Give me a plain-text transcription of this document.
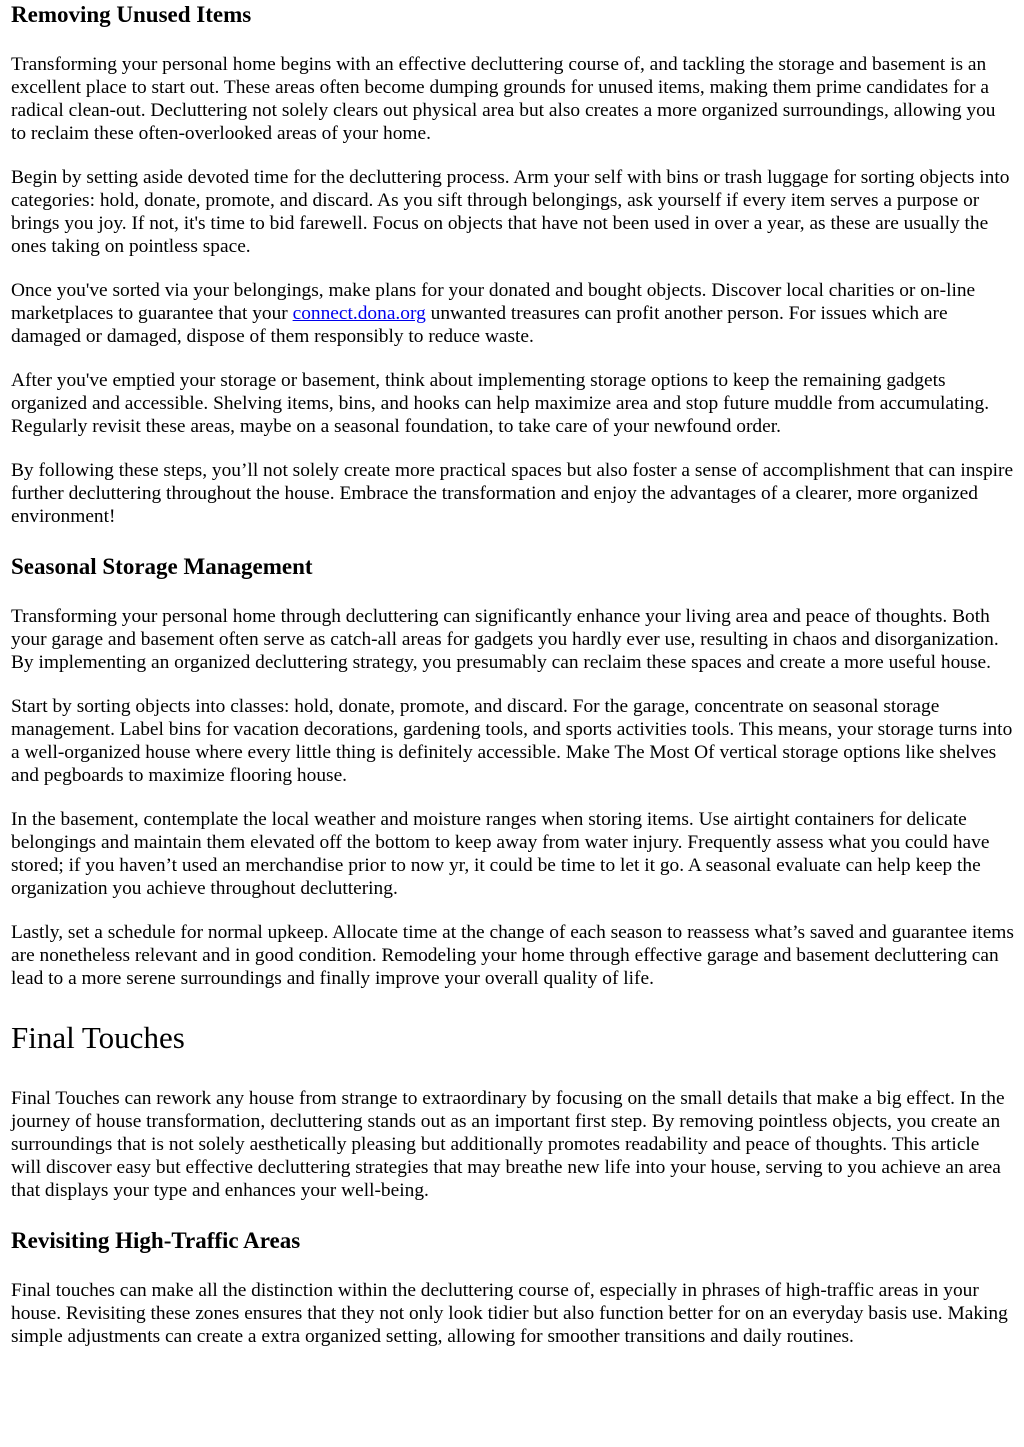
Removing Unused Items

Transforming your personal home begins with an effective decluttering course of, and tackling the storage and basement is an excellent place to start out. These areas often become dumping grounds for unused items, making them prime candidates for a radical clean-out. Decluttering not solely clears out physical area but also creates a more organized surroundings, allowing you to reclaim these often-overlooked areas of your home.

Begin by setting aside devoted time for the decluttering process. Arm your self with bins or trash luggage for sorting objects into categories: hold, donate, promote, and discard. As you sift through belongings, ask yourself if every item serves a purpose or brings you joy. If not, it's time to bid farewell. Focus on objects that have not been used in over a year, as these are usually the ones taking on pointless space.

Once you've sorted via your belongings, make plans for your donated and bought objects. Discover local charities or on-line marketplaces to guarantee that your connect.dona.org unwanted treasures can profit another person. For issues which are damaged or damaged, dispose of them responsibly to reduce waste.

After you've emptied your storage or basement, think about implementing storage options to keep the remaining gadgets organized and accessible. Shelving items, bins, and hooks can help maximize area and stop future muddle from accumulating. Regularly revisit these areas, maybe on a seasonal foundation, to take care of your newfound order.

By following these steps, you’ll not solely create more practical spaces but also foster a sense of accomplishment that can inspire further decluttering throughout the house. Embrace the transformation and enjoy the advantages of a clearer, more organized environment!

Seasonal Storage Management

Transforming your personal home through decluttering can significantly enhance your living area and peace of thoughts. Both your garage and basement often serve as catch-all areas for gadgets you hardly ever use, resulting in chaos and disorganization. By implementing an organized decluttering strategy, you presumably can reclaim these spaces and create a more useful house.

Start by sorting objects into classes: hold, donate, promote, and discard. For the garage, concentrate on seasonal storage management. Label bins for vacation decorations, gardening tools, and sports activities tools. This means, your storage turns into a well-organized house where every little thing is definitely accessible. Make The Most Of vertical storage options like shelves and pegboards to maximize flooring house.

In the basement, contemplate the local weather and moisture ranges when storing items. Use airtight containers for delicate belongings and maintain them elevated off the bottom to keep away from water injury. Frequently assess what you could have stored; if you haven’t used an merchandise prior to now yr, it could be time to let it go. A seasonal evaluate can help keep the organization you achieve throughout decluttering.

Lastly, set a schedule for normal upkeep. Allocate time at the change of each season to reassess what’s saved and guarantee items are nonetheless relevant and in good condition. Remodeling your home through effective garage and basement decluttering can lead to a more serene surroundings and finally improve your overall quality of life.

Final Touches

Final Touches can rework any house from strange to extraordinary by focusing on the small details that make a big effect. In the journey of house transformation, decluttering stands out as an important first step. By removing pointless objects, you create an surroundings that is not solely aesthetically pleasing but additionally promotes readability and peace of thoughts. This article will discover easy but effective decluttering strategies that may breathe new life into your house, serving to you achieve an area that displays your type and enhances your well-being.

Revisiting High-Traffic Areas

Final touches can make all the distinction within the decluttering course of, especially in phrases of high-traffic areas in your house. Revisiting these zones ensures that they not only look tidier but also function better for on an everyday basis use. Making simple adjustments can create a extra organized setting, allowing for smoother transitions and daily routines.
